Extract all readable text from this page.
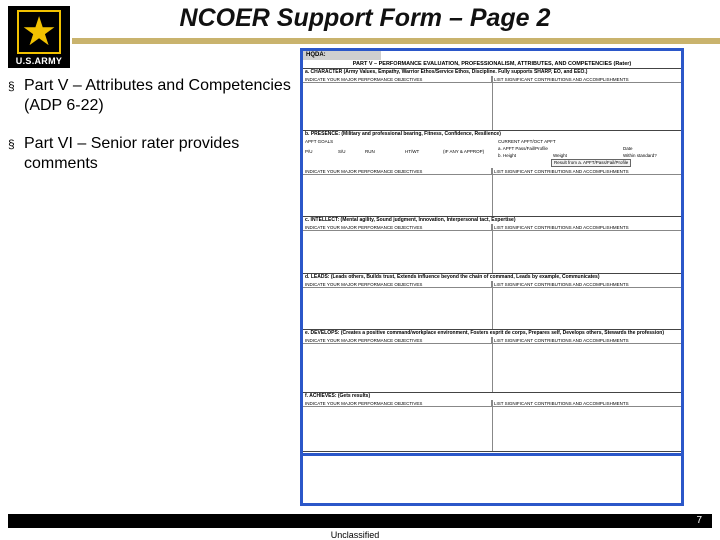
★
U.S.ARMY
NCOER Support Form – Page 2
§ Part V – Attributes and Competencies (ADP 6-22)
§ Part VI – Senior rater provides comments
HQDA:
PART V – PERFORMANCE EVALUATION, PROFESSIONALISM, ATTRIBUTES, AND COMPETENCIES (Rater)
a. CHARACTER (Army Values, Empathy, Warrior Ethos/Service Ethos, Discipline. Fully supports SHARP, EO, and EEO.)
INDICATE YOUR MAJOR PERFORMANCE OBJECTIVES	LIST SIGNIFICANT CONTRIBUTIONS AND ACCOMPLISHMENTS
b. PRESENCE: (Military and professional bearing, Fitness, Confidence, Resilience)
APFT GOALS	CURRENT APFT/OCT APFT
P/U	S/U	RUN	HT/WT	(IF ANY & APPROP)
a. APFT Pass/Fail/Profile	Date
b. Height	Weight	Within standard?
Result from a. APFT/Pass/Fail/Profile
INDICATE YOUR MAJOR PERFORMANCE OBJECTIVES	LIST SIGNIFICANT CONTRIBUTIONS AND ACCOMPLISHMENTS
c. INTELLECT: (Mental agility, Sound judgment, Innovation, Interpersonal tact, Expertise)
INDICATE YOUR MAJOR PERFORMANCE OBJECTIVES	LIST SIGNIFICANT CONTRIBUTIONS AND ACCOMPLISHMENTS
d. LEADS: (Leads others, Builds trust, Extends influence beyond the chain of command, Leads by example, Communicates)
INDICATE YOUR MAJOR PERFORMANCE OBJECTIVES	LIST SIGNIFICANT CONTRIBUTIONS AND ACCOMPLISHMENTS
e. DEVELOPS: (Creates a positive command/workplace environment, Fosters esprit de corps, Prepares self, Develops others, Stewards the profession)
INDICATE YOUR MAJOR PERFORMANCE OBJECTIVES	LIST SIGNIFICANT CONTRIBUTIONS AND ACCOMPLISHMENTS
f. ACHIEVES: (Gets results)
INDICATE YOUR MAJOR PERFORMANCE OBJECTIVES	LIST SIGNIFICANT CONTRIBUTIONS AND ACCOMPLISHMENTS
PART VI – SENIOR RATER COMMENTS
7
Unclassified
